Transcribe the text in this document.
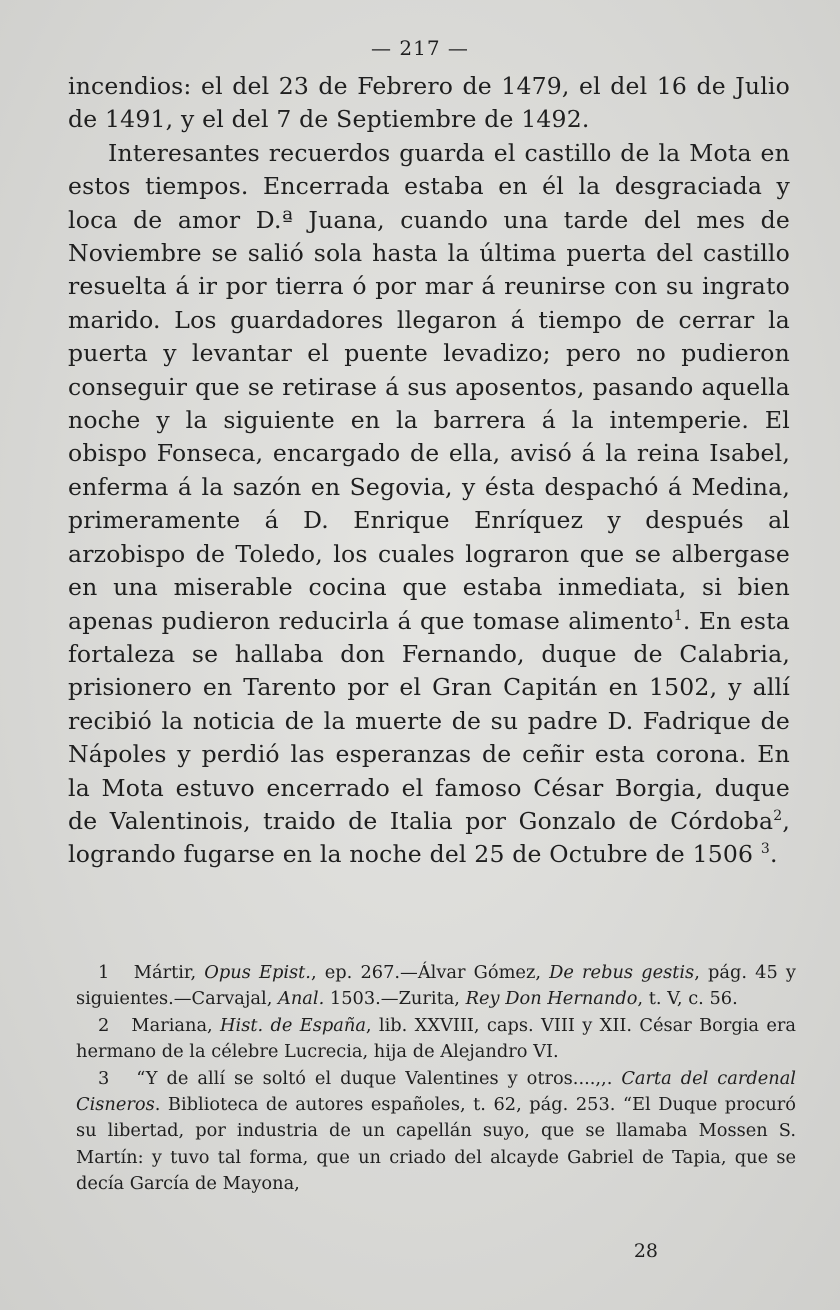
— 217 —

incendios: el del 23 de Febrero de 1479, el del 16 de Julio de 1491, y el del 7 de Septiembre de 1492.

Interesantes recuerdos guarda el castillo de la Mota en estos tiempos. Encerrada estaba en él la desgraciada y loca de amor D.ª Juana, cuando una tarde del mes de Noviembre se salió sola hasta la última puerta del castillo resuelta á ir por tierra ó por mar á reunirse con su ingrato marido. Los guardadores llegaron á tiempo de cerrar la puerta y levantar el puente levadizo; pero no pudieron conseguir que se retirase á sus aposentos, pasando aquella noche y la siguiente en la barrera á la intemperie. El obispo Fonseca, encargado de ella, avisó á la reina Isabel, enferma á la sazón en Segovia, y ésta despachó á Medina, primeramente á D. Enrique Enríquez y después al arzobispo de Toledo, los cuales lograron que se albergase en una miserable cocina que estaba inmediata, si bien apenas pudieron reducirla á que tomase alimento$^1$. En esta fortaleza se hallaba don Fernando, duque de Calabria, prisionero en Tarento por el Gran Capitán en 1502, y allí recibió la noticia de la muerte de su padre D. Fadrique de Nápoles y perdió las esperanzas de ceñir esta corona. En la Mota estuvo encerrado el famoso César Borgia, duque de Valentinois, traido de Italia por Gonzalo de Córdoba$^2$, logrando fugarse en la noche del 25 de Octubre de 1506 $^3$.

1 Mártir, Opus Epist., ep. 267.—Álvar Gómez, De rebus gestis, pág. 45 y siguientes.—Carvajal, Anal. 1503.—Zurita, Rey Don Hernando, t. V, c. 56.

2 Mariana, Hist. de España, lib. XXVIII, caps. VIII y XII. César Borgia era hermano de la célebre Lucrecia, hija de Alejandro VI.

3 “Y de allí se soltó el duque Valentines y otros....,,. Carta del cardenal Cisneros. Biblioteca de autores españoles, t. 62, pág. 253. “El Duque procuró su libertad, por industria de un capellán suyo, que se llamaba Mossen S. Martín: y tuvo tal forma, que un criado del alcayde Gabriel de Tapia, que se decía García de Mayona,

28
